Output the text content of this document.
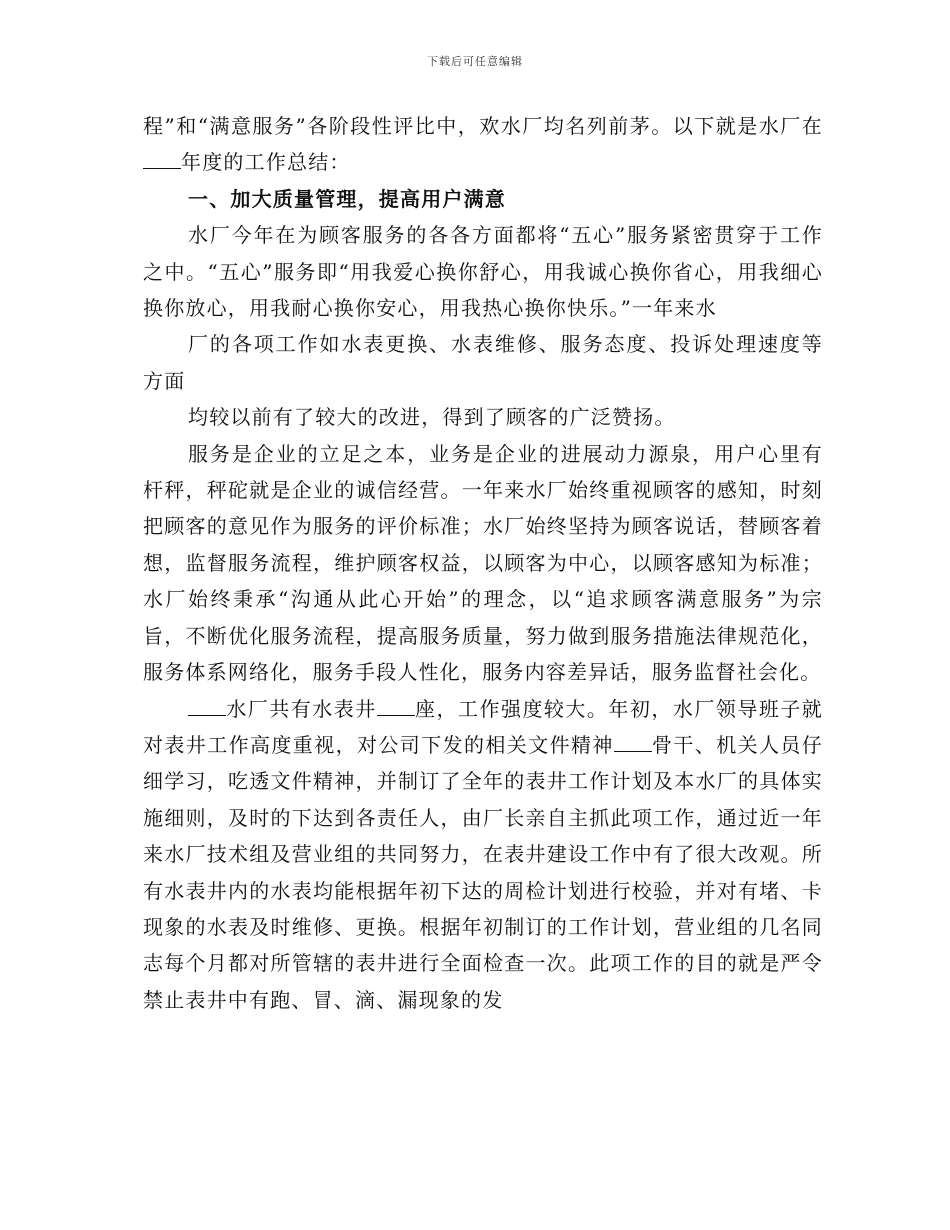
下载后可任意编辑

程”和“满意服务”各阶段性评比中，欢水厂均名列前茅。以下就是水厂在年度的工作总结：

一、加大质量管理，提高用户满意

水厂今年在为顾客服务的各各方面都将“五心”服务紧密贯穿于工作之中。“五心”服务即“用我爱心换你舒心，用我诚心换你省心，用我细心换你放心，用我耐心换你安心，用我热心换你快乐。”一年来水

厂的各项工作如水表更换、水表维修、服务态度、投诉处理速度等方面

均较以前有了较大的改进，得到了顾客的广泛赞扬。

服务是企业的立足之本，业务是企业的进展动力源泉，用户心里有杆秤，秤砣就是企业的诚信经营。一年来水厂始终重视顾客的感知，时刻把顾客的意见作为服务的评价标准；水厂始终坚持为顾客说话，替顾客着想，监督服务流程，维护顾客权益，以顾客为中心，以顾客感知为标准；水厂始终秉承“沟通从此心开始”的理念，以“追求顾客满意服务”为宗旨，不断优化服务流程，提高服务质量，努力做到服务措施法律规范化，服务体系网络化，服务手段人性化，服务内容差异话，服务监督社会化。

水厂共有水表井 座，工作强度较大。年初，水厂领导班子就对表井工作高度重视，对公司下发的相关文件精神 骨干、机关人员仔细学习，吃透文件精神，并制订了全年的表井工作计划及本水厂的具体实施细则，及时的下达到各责任人，由厂长亲自主抓此项工作，通过近一年来水厂技术组及营业组的共同努力，在表井建设工作中有了很大改观。所有水表井内的水表均能根据年初下达的周检计划进行校验，并对有堵、卡现象的水表及时维修、更换。根据年初制订的工作计划，营业组的几名同志每个月都对所管辖的表井进行全面检查一次。此项工作的目的就是严令禁止表井中有跑、冒、滴、漏现象的发
